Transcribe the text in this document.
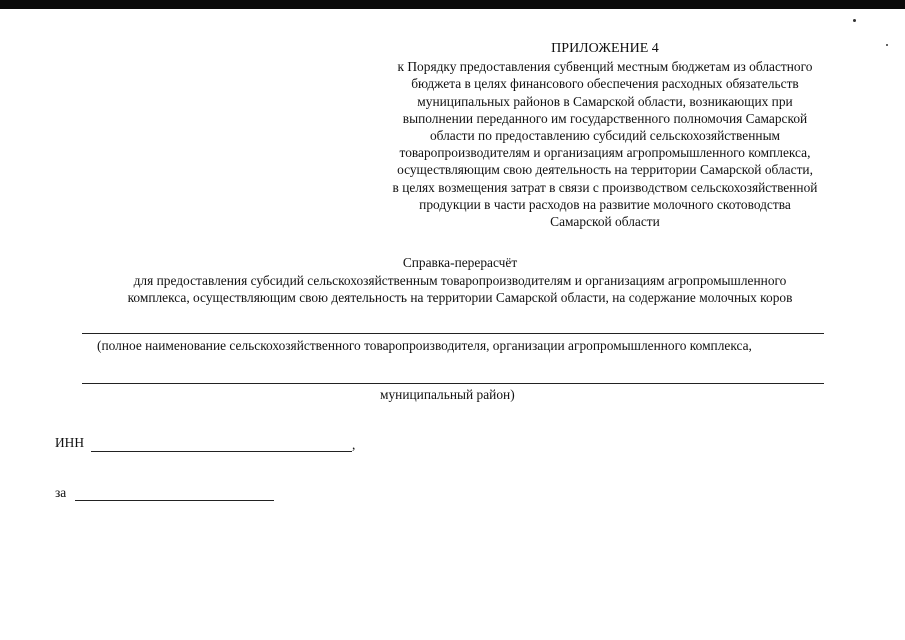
ПРИЛОЖЕНИЕ 4
к Порядку предоставления субвенций местным бюджетам из областного
бюджета в целях финансового обеспечения расходных обязательств
муниципальных районов в Самарской области, возникающих при
выполнении переданного им государственного полномочия Самарской
области по предоставлению субсидий сельскохозяйственным
товаропроизводителям и организациям агропромышленного комплекса,
осуществляющим свою деятельность на территории Самарской области,
в целях возмещения затрат в связи с производством сельскохозяйственной
продукции в части расходов на развитие молочного скотоводства
Самарской области
Справка-перерасчёт
для предоставления субсидий сельскохозяйственным товаропроизводителям и организациям агропромышленного
комплекса, осуществляющим свою деятельность на территории Самарской области, на содержание молочных коров
(полное наименование сельскохозяйственного товаропроизводителя, организации агропромышленного комплекса,
муниципальный район)
ИНН	,
за
